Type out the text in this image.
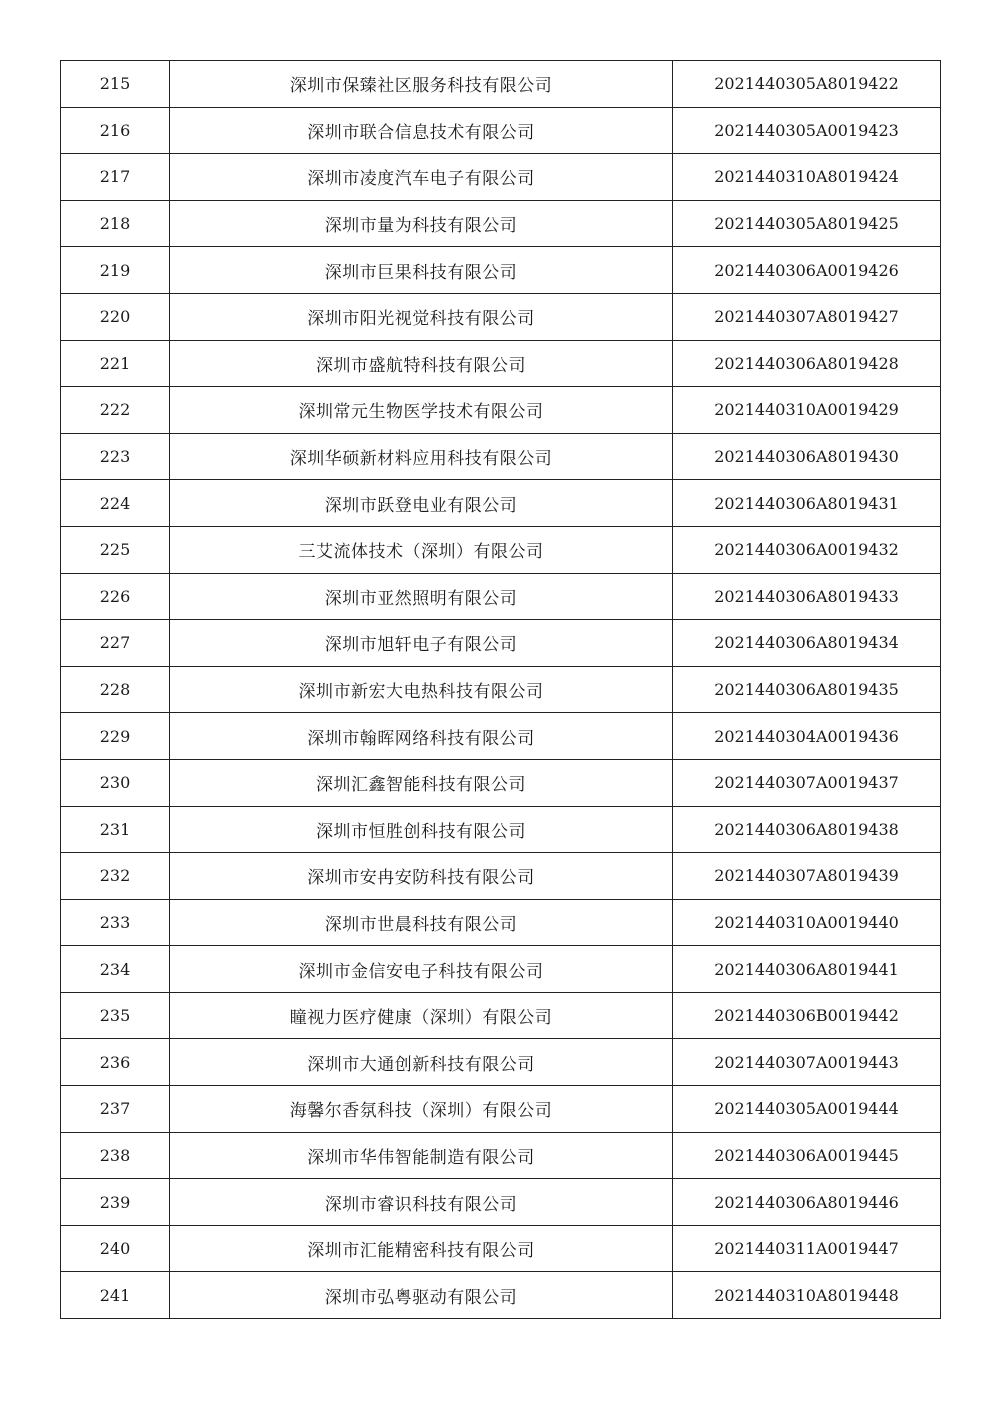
215	深圳市保臻社区服务科技有限公司	2021440305A8019422
216	深圳市联合信息技术有限公司	2021440305A0019423
217	深圳市凌度汽车电子有限公司	2021440310A8019424
218	深圳市量为科技有限公司	2021440305A8019425
219	深圳市巨果科技有限公司	2021440306A0019426
220	深圳市阳光视觉科技有限公司	2021440307A8019427
221	深圳市盛航特科技有限公司	2021440306A8019428
222	深圳常元生物医学技术有限公司	2021440310A0019429
223	深圳华硕新材料应用科技有限公司	2021440306A8019430
224	深圳市跃登电业有限公司	2021440306A8019431
225	三艾流体技术（深圳）有限公司	2021440306A0019432
226	深圳市亚然照明有限公司	2021440306A8019433
227	深圳市旭轩电子有限公司	2021440306A8019434
228	深圳市新宏大电热科技有限公司	2021440306A8019435
229	深圳市翰晖网络科技有限公司	2021440304A0019436
230	深圳汇鑫智能科技有限公司	2021440307A0019437
231	深圳市恒胜创科技有限公司	2021440306A8019438
232	深圳市安冉安防科技有限公司	2021440307A8019439
233	深圳市世晨科技有限公司	2021440310A0019440
234	深圳市金信安电子科技有限公司	2021440306A8019441
235	瞳视力医疗健康（深圳）有限公司	2021440306B0019442
236	深圳市大通创新科技有限公司	2021440307A0019443
237	海馨尔香氛科技（深圳）有限公司	2021440305A0019444
238	深圳市华伟智能制造有限公司	2021440306A0019445
239	深圳市睿识科技有限公司	2021440306A8019446
240	深圳市汇能精密科技有限公司	2021440311A0019447
241	深圳市弘粤驱动有限公司	2021440310A8019448
